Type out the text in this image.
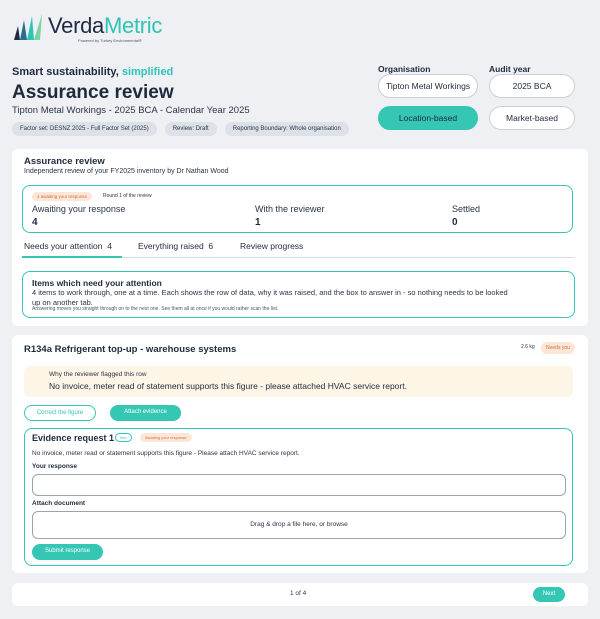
VerdaMetric
Powered by Turkey Environmental®
Smart sustainability, simplified
Assurance review
Tipton Metal Workings - 2025 BCA - Calendar Year 2025
Factor set: DESNZ 2025 - Full Factor Set (2025)	Review: Draft	Reporting Boundary: Whole organisation
Organisation	Audit year
Tipton Metal Workings	2025 BCA
Location-based	Market-based
Assurance review
Independent review of your FY2025 inventory by Dr Nathan Wood
4 awaiting your response	Round 1 of the review
Awaiting your response
4
With the reviewer
1
Settled
0
Needs your attention 4	Everything raised 6	Review progress
Items which need your attention
4 items to work through, one at a time. Each shows the row of data, why it was raised, and the box to answer in - so nothing needs to be looked up on another tab.
Answering moves you straight through on to the next one. See them all at once if you would rather scan the list.
R134a Refrigerant top-up - warehouse systems	2.6 kg	Needs you
Why the reviewer flagged this row
No invoice, meter read of statement supports this figure - please attached HVAC service report.
Correct the figure	Attach evidence
Evidence request 1	Info	Awaiting your response
No invoice, meter read or statement supports this figure - Please attach HVAC service report.
Your response
Attach document
Drag & drop a file here, or browse
Submit response
1 of 4	Next
